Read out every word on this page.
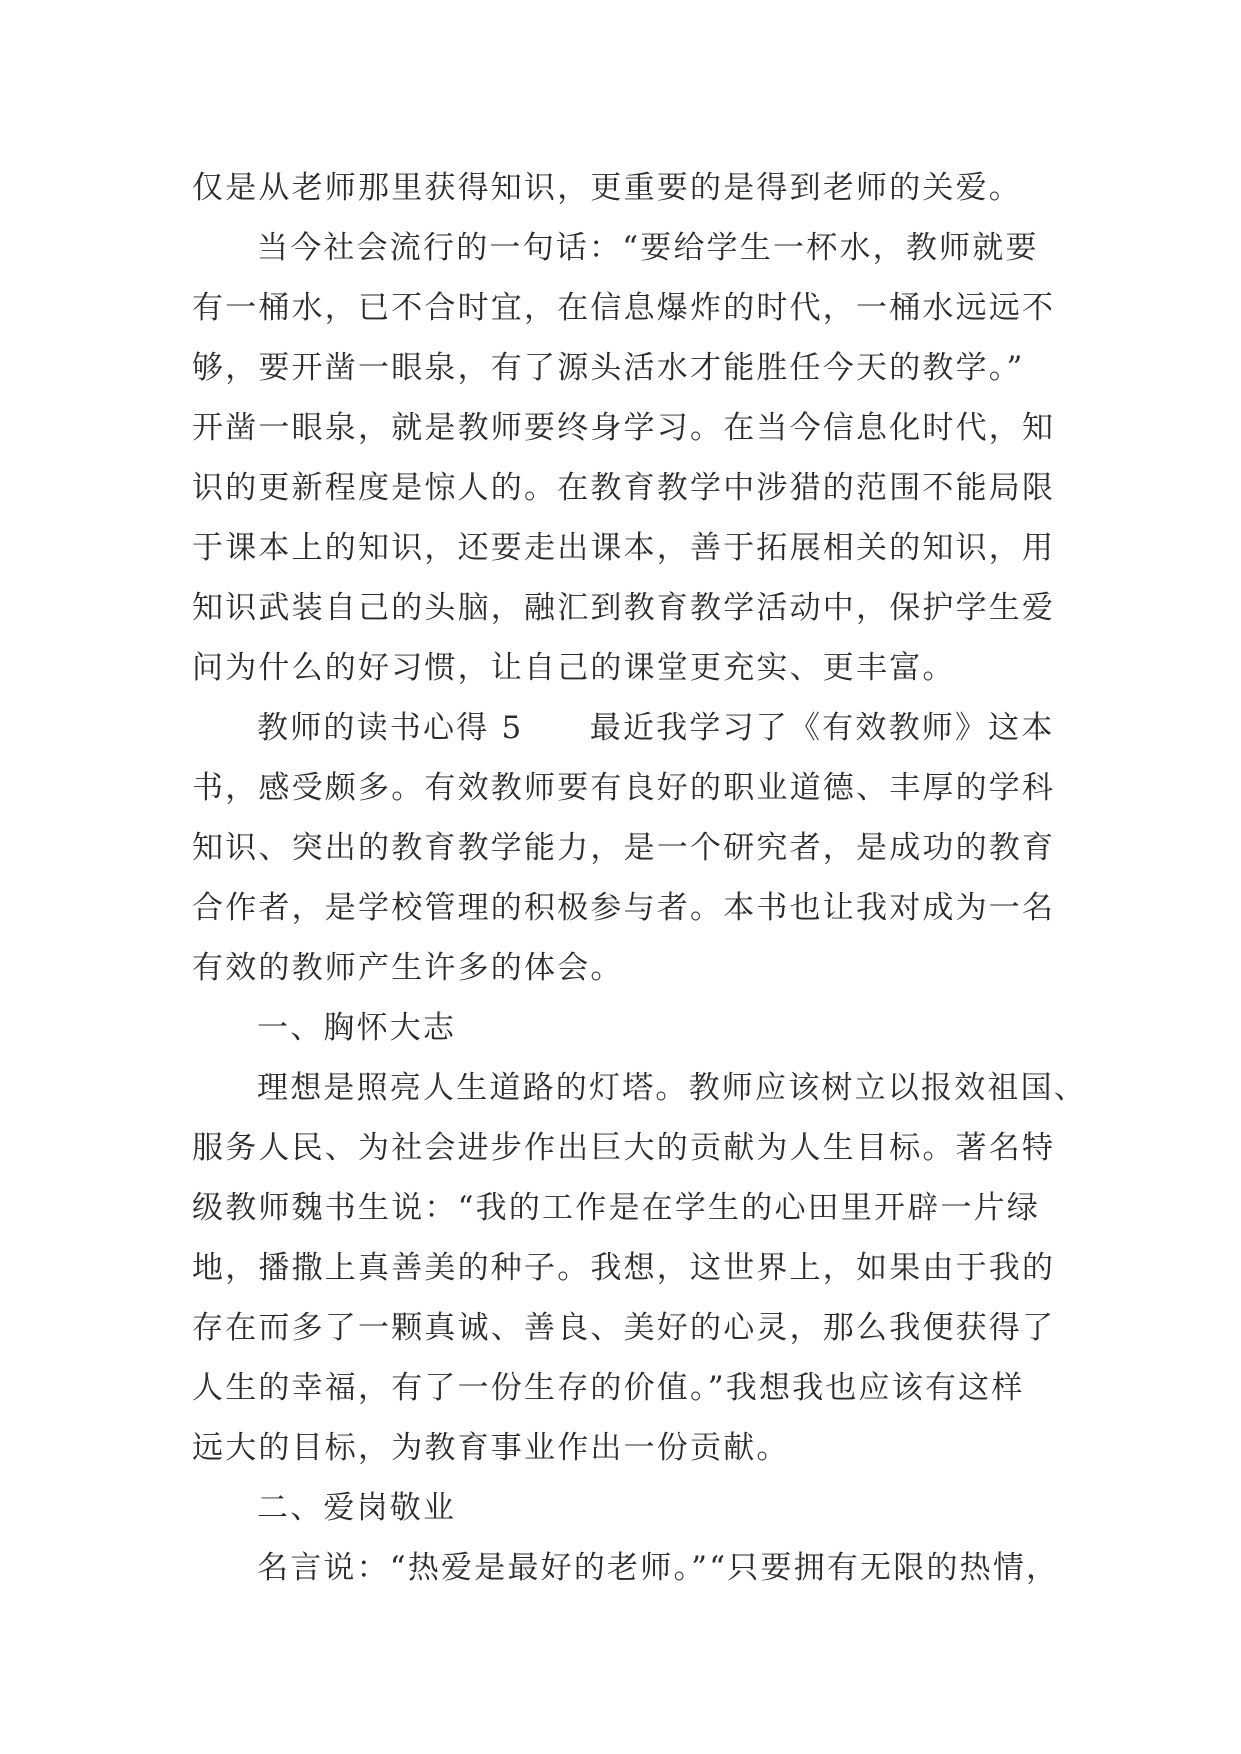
仅是从老师那里获得知识，更重要的是得到老师的关爱。
当今社会流行的一句话：“要给学生一杯水，教师就要
有一桶水，已不合时宜，在信息爆炸的时代，一桶水远远不
够，要开凿一眼泉，有了源头活水才能胜任今天的教学。”
开凿一眼泉，就是教师要终身学习。在当今信息化时代，知
识的更新程度是惊人的。在教育教学中涉猎的范围不能局限
于课本上的知识，还要走出课本，善于拓展相关的知识，用
知识武装自己的头脑，融汇到教育教学活动中，保护学生爱
问为什么的好习惯，让自己的课堂更充实、更丰富。
教师的读书心得 5　　最近我学习了《有效教师》这本
书，感受颇多。有效教师要有良好的职业道德、丰厚的学科
知识、突出的教育教学能力，是一个研究者，是成功的教育
合作者，是学校管理的积极参与者。本书也让我对成为一名
有效的教师产生许多的体会。
一、胸怀大志
理想是照亮人生道路的灯塔。教师应该树立以报效祖国、
服务人民、为社会进步作出巨大的贡献为人生目标。著名特
级教师魏书生说：“我的工作是在学生的心田里开辟一片绿
地，播撒上真善美的种子。我想，这世界上，如果由于我的
存在而多了一颗真诚、善良、美好的心灵，那么我便获得了
人生的幸福，有了一份生存的价值。”我想我也应该有这样
远大的目标，为教育事业作出一份贡献。
二、爱岗敬业
名言说：“热爱是最好的老师。”“只要拥有无限的热情，
